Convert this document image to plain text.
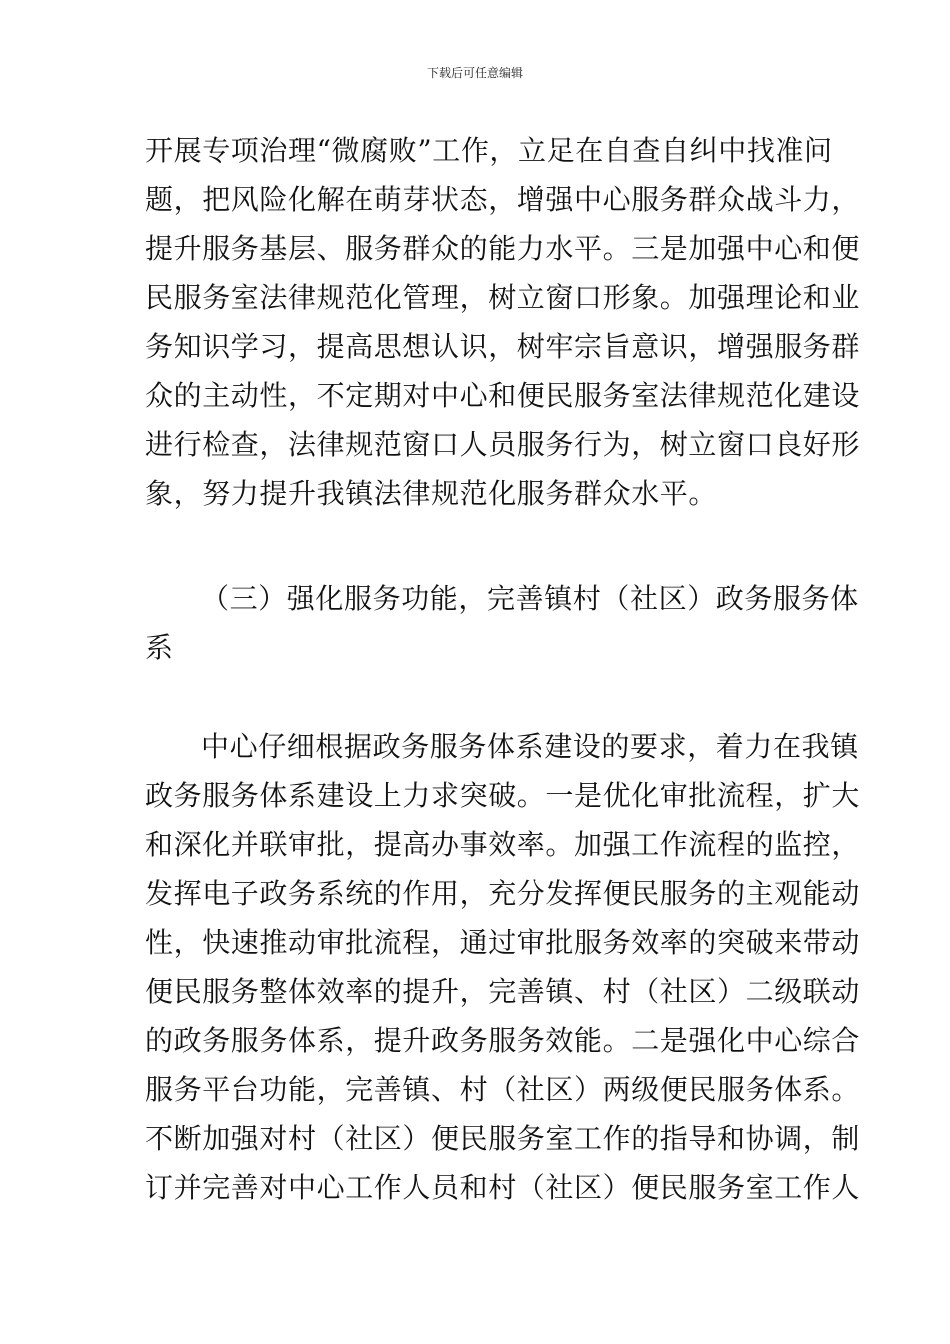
下载后可任意编辑
开展专项治理“微腐败”工作，立足在自查自纠中找准问
题，把风险化解在萌芽状态，增强中心服务群众战斗力，
提升服务基层、服务群众的能力水平。三是加强中心和便
民服务室法律规范化管理，树立窗口形象。加强理论和业
务知识学习，提高思想认识，树牢宗旨意识，增强服务群
众的主动性，不定期对中心和便民服务室法律规范化建设
进行检查，法律规范窗口人员服务行为，树立窗口良好形
象，努力提升我镇法律规范化服务群众水平。
（三）强化服务功能，完善镇村（社区）政务服务体
系
中心仔细根据政务服务体系建设的要求，着力在我镇
政务服务体系建设上力求突破。一是优化审批流程，扩大
和深化并联审批，提高办事效率。加强工作流程的监控，
发挥电子政务系统的作用，充分发挥便民服务的主观能动
性，快速推动审批流程，通过审批服务效率的突破来带动
便民服务整体效率的提升，完善镇、村（社区）二级联动
的政务服务体系，提升政务服务效能。二是强化中心综合
服务平台功能，完善镇、村（社区）两级便民服务体系。
不断加强对村（社区）便民服务室工作的指导和协调，制
订并完善对中心工作人员和村（社区）便民服务室工作人
